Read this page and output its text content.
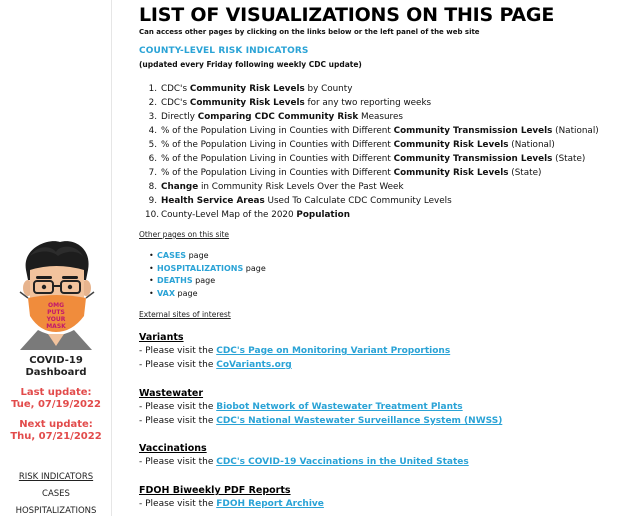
OMG
PUTS
YOUR
MASK
COVID-19
Dashboard
Last update:
Tue, 07/19/2022
Next update:
Thu, 07/21/2022
RISK INDICATORS
CASES
HOSPITALIZATIONS
LIST OF VISUALIZATIONS ON THIS PAGE
Can access other pages by clicking on the links below or the left panel of the web site
COUNTY-LEVEL RISK INDICATORS
(updated every Friday following weekly CDC update)
1. CDC's Community Risk Levels by County
2. CDC's Community Risk Levels for any two reporting weeks
3. Directly Comparing CDC Community Risk Measures
4. % of the Population Living in Counties with Different Community Transmission Levels (National)
5. % of the Population Living in Counties with Different Community Risk Levels (National)
6. % of the Population Living in Counties with Different Community Transmission Levels (State)
7. % of the Population Living in Counties with Different Community Risk Levels (State)
8. Change in Community Risk Levels Over the Past Week
9. Health Service Areas Used To Calculate CDC Community Levels
10. County-Level Map of the 2020 Population
Other pages on this site
• CASES page
• HOSPITALIZATIONS page
• DEATHS page
• VAX page
External sites of interest
Variants
- Please visit the CDC's Page on Monitoring Variant Proportions
- Please visit the CoVariants.org
Wastewater
- Please visit the Biobot Network of Wastewater Treatment Plants
- Please visit the CDC's National Wastewater Surveillance System (NWSS)
Vaccinations
- Please visit the CDC's COVID-19 Vaccinations in the United States
FDOH Biweekly PDF Reports
- Please visit the FDOH Report Archive
